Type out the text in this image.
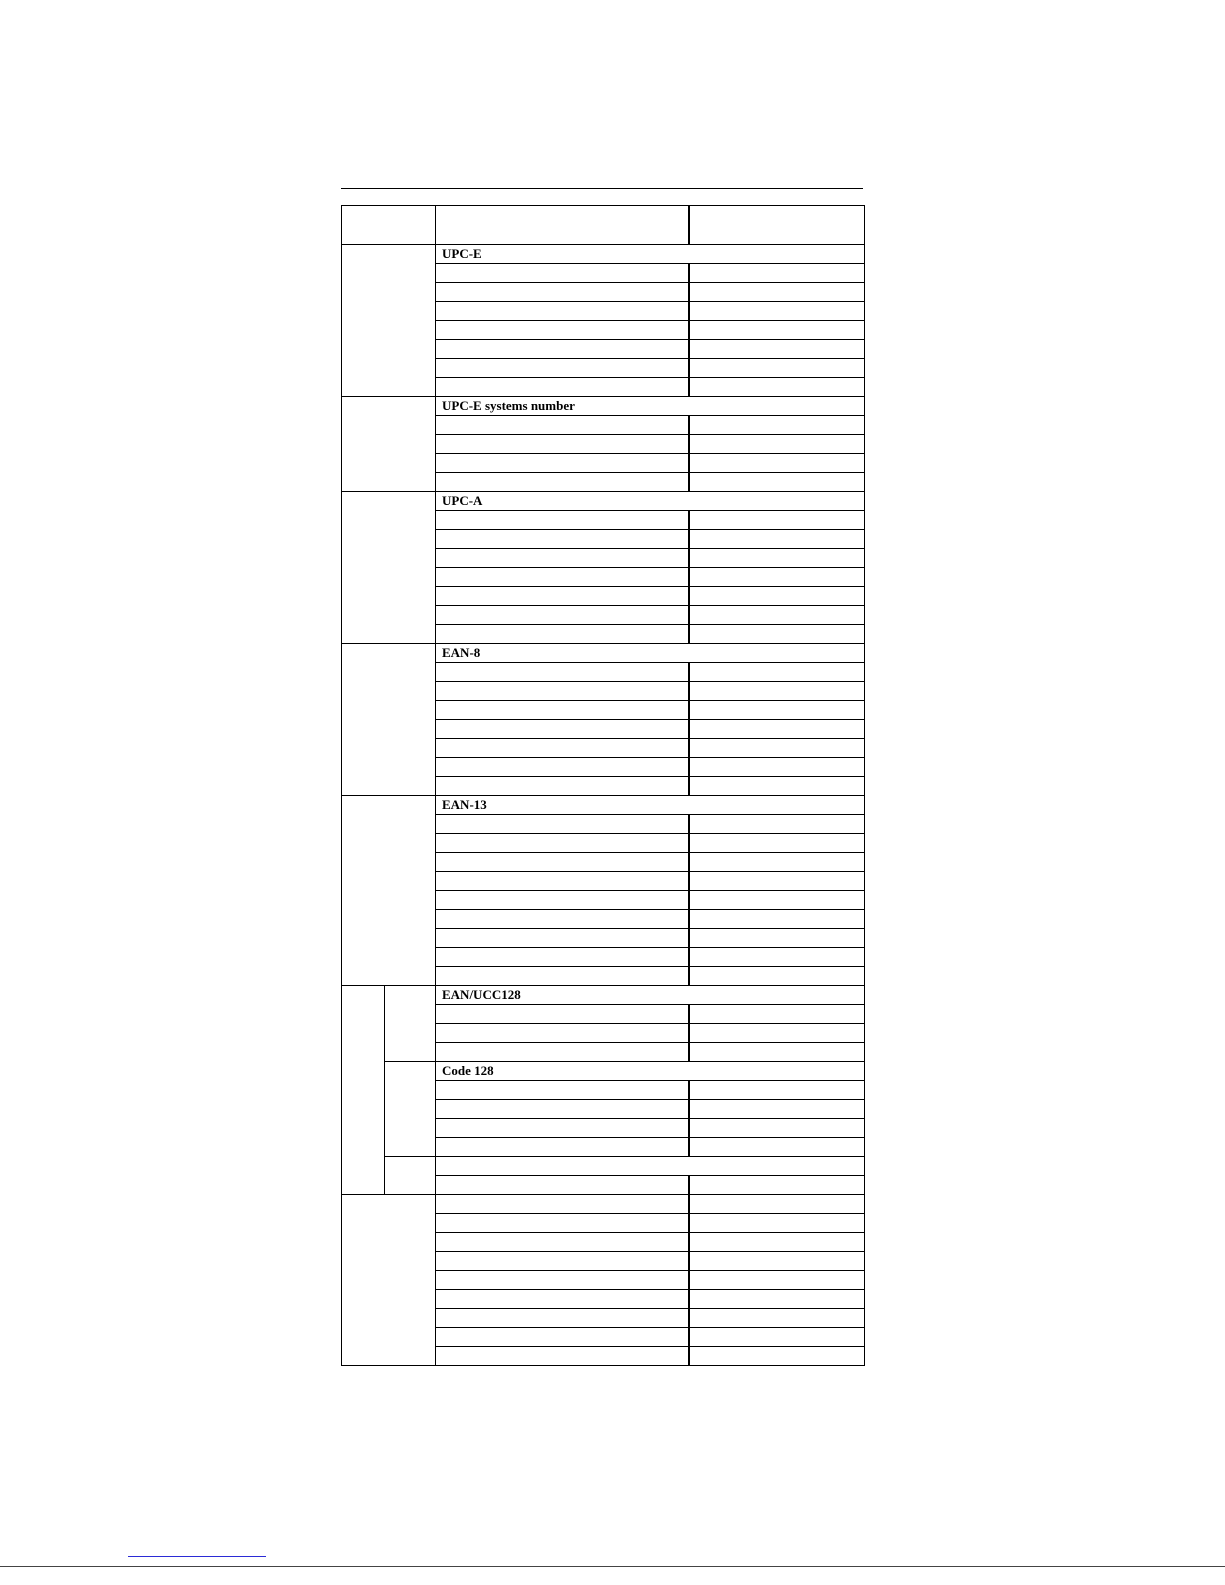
		UPC-E	

		UPC-E systems number	

		UPC-A	

		EAN-8	

		EAN-13	

		EAN/UCC128	

		Code 128	
